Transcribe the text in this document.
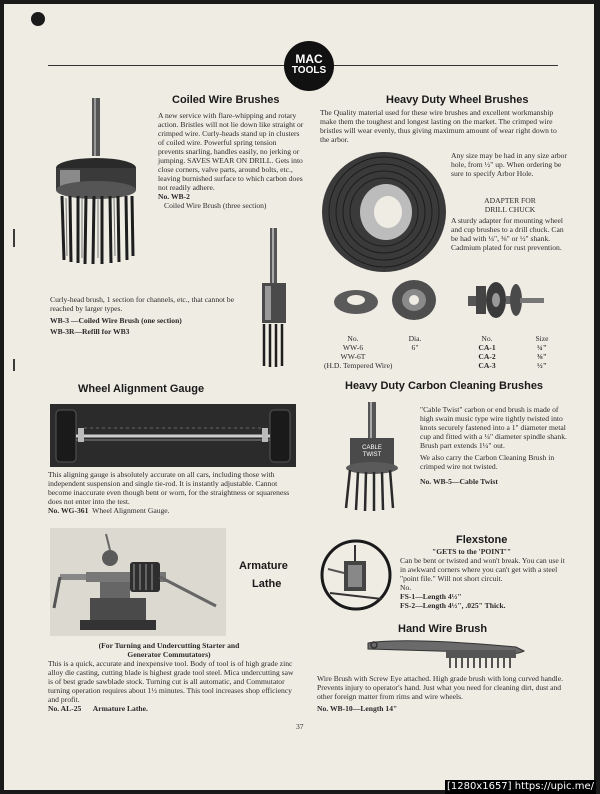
MAC
TOOLS
Coiled Wire Brushes

A new service with flare-whipping and rotary action. Bristles will not lie down like straight or crimped wire. Curly-heads stand up in clusters of coiled wire. Powerful spring tension prevents snarling, handles easily, no jerking or jumping. SAVES WEAR ON DRILL. Gets into close corners, valve parts, around bolts, etc., leaving burnished surface to which carbon does not readily adhere.

No. WB-2

Coiled Wire Brush (three section)

Curly-head brush, 1 section for channels, etc., that cannot be reached by larger types.

WB-3 —Coiled Wire Brush (one section)

WB-3R—Refill for WB3

Wheel Alignment Gauge

This aligning gauge is absolutely accurate on all cars, including those with independent suspension and single tie-rod. It is instantly adjustable. Cannot become inaccurate even though bent or worn, for the straightness or squareness does not enter into the test.

No. WG-361 Wheel Alignment Gauge.

Armature
Lathe

(For Turning and Undercutting Starter and

Generator Commutators)

This is a quick, accurate and inexpensive tool. Body of tool is of high grade zinc alloy die casting, cutting blade is highest grade tool steel. Mica undercutting saw is of best grade sawblade stock. Turning cut is all automatic, and Commutator turning operation requires about 1½ minutes. This tool increases shop efficiency and profit.

No. AL-25 Armature Lathe.

Heavy Duty Wheel Brushes

The Quality material used for these wire brushes and excellent workmanship make them the toughest and longest lasting on the market. The crimped wire bristles will wear evenly, thus giving maximum amount of wear right down to the arbor.

Any size may be had in any size arbor hole, from ½" up. When ordering be sure to specify Arbor Hole.

ADAPTER FOR

DRILL CHUCK

A sturdy adapter for mounting wheel and cup brushes to a drill chuck. Can be had with ¼", ⅜" or ½" shank. Cadmium plated for rust prevention.

No.	Dia.
WW-6	6"
WW-6T
(H.D. Tempered Wire)
No.	Size
CA-1	¼"
CA-2	⅜"
CA-3	½"
Heavy Duty Carbon Cleaning Brushes
CABLE
TWIST

"Cable Twist" carbon or end brush is made of high swain music type wire tightly twisted into knots securely fastened into a 1" diameter metal cup and fitted with a ¼" diameter spindle shank. Brush part extends 1¼" out.

We also carry the Carbon Cleaning Brush in crimped wire not twisted.

No. WB-5—Cable Twist

Flexstone
"GETS to the 'POINT'"

Can be bent or twisted and won't break. You can use it in awkward corners where you can't get with a steel "point file." Will not short circuit.

No.

FS-1—Length 4½"

FS-2—Length 4½", .025" Thick.

Hand Wire Brush

Wire Brush with Screw Eye attached. High grade brush with long curved handle. Prevents injury to operator's hand. Just what you need for cleaning dirt, dust and other foreign matter from rims and wire wheels.

No. WB-10—Length 14"

37
[1280x1657] https://upic.me/
